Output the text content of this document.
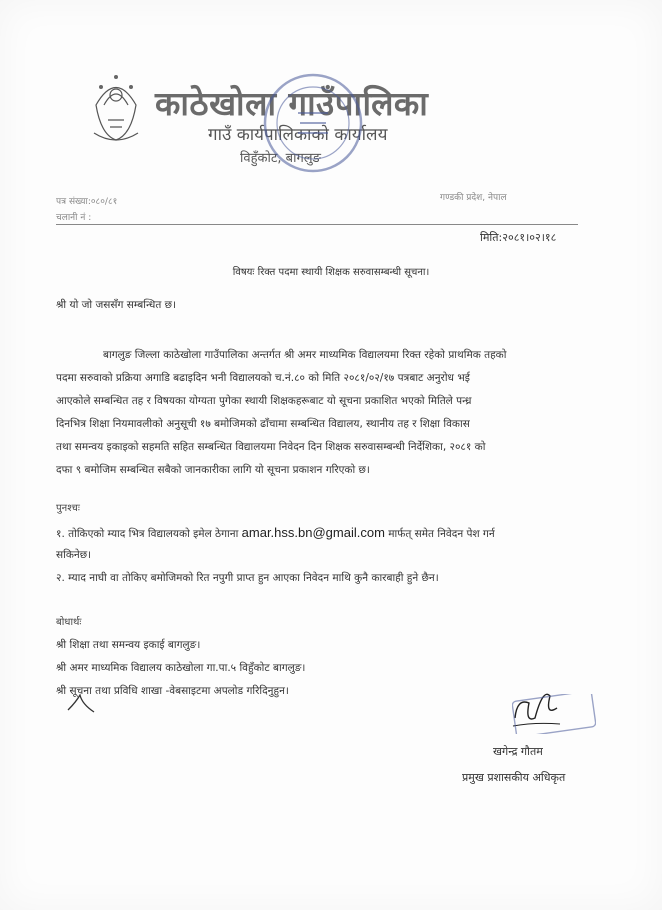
काठेखोला गाउँपालिका
गाउँ कार्यपालिकाको कार्यालय
विहुँकोट, बागलुङ
पत्र संख्या:०८०/८१
चलानी नं :
गण्डकी प्रदेश, नेपाल
मिति:२०८१।०२।१८
विषयः रिक्त पदमा स्थायी शिक्षक सरुवासम्बन्धी सूचना।
श्री यो जो जससँग सम्बन्धित छ।
बागलुङ जिल्ला काठेखोला गाउँपालिका अन्तर्गत श्री अमर माध्यमिक विद्यालयमा रिक्त रहेको प्राथमिक तहको
पदमा सरुवाको प्रक्रिया अगाडि बढाइदिन भनी विद्यालयको च.नं.८० को मिति २०८१/०२/१७ पत्रबाट अनुरोध भई
आएकोले सम्बन्धित तह र विषयका योग्यता पुगेका स्थायी शिक्षकहरूबाट यो सूचना प्रकाशित भएको मितिले पन्ध्र
दिनभित्र शिक्षा नियमावलीको अनुसूची १७ बमोजिमको ढाँचामा सम्बन्धित विद्यालय, स्थानीय तह र शिक्षा विकास
तथा समन्वय इकाइको सहमति सहित सम्बन्धित विद्यालयमा निवेदन दिन शिक्षक सरुवासम्बन्धी निर्देशिका, २०८१ को
दफा ९ बमोजिम सम्बन्धित सबैको जानकारीका लागि यो सूचना प्रकाशन गरिएको छ।
पुनश्चः
१. तोकिएको म्याद भित्र विद्यालयको इमेल ठेगाना amar.hss.bn@gmail.com मार्फत् समेत निवेदन पेश गर्न
सकिनेछ।
२. म्याद नाघी वा तोकिए बमोजिमको रित नपुगी प्राप्त हुन आएका निवेदन माथि कुनै कारबाही हुने छैन।
बोधार्थः
श्री शिक्षा तथा समन्वय इकाई बागलुङ।
श्री अमर माध्यमिक विद्यालय काठेखोला गा.पा.५ विहुँकोट बागलुङ।
श्री सूचना तथा प्रविधि शाखा -वेबसाइटमा अपलोड गरिदिनुहुन।
खगेन्द्र गौतम
प्रमुख प्रशासकीय अधिकृत
